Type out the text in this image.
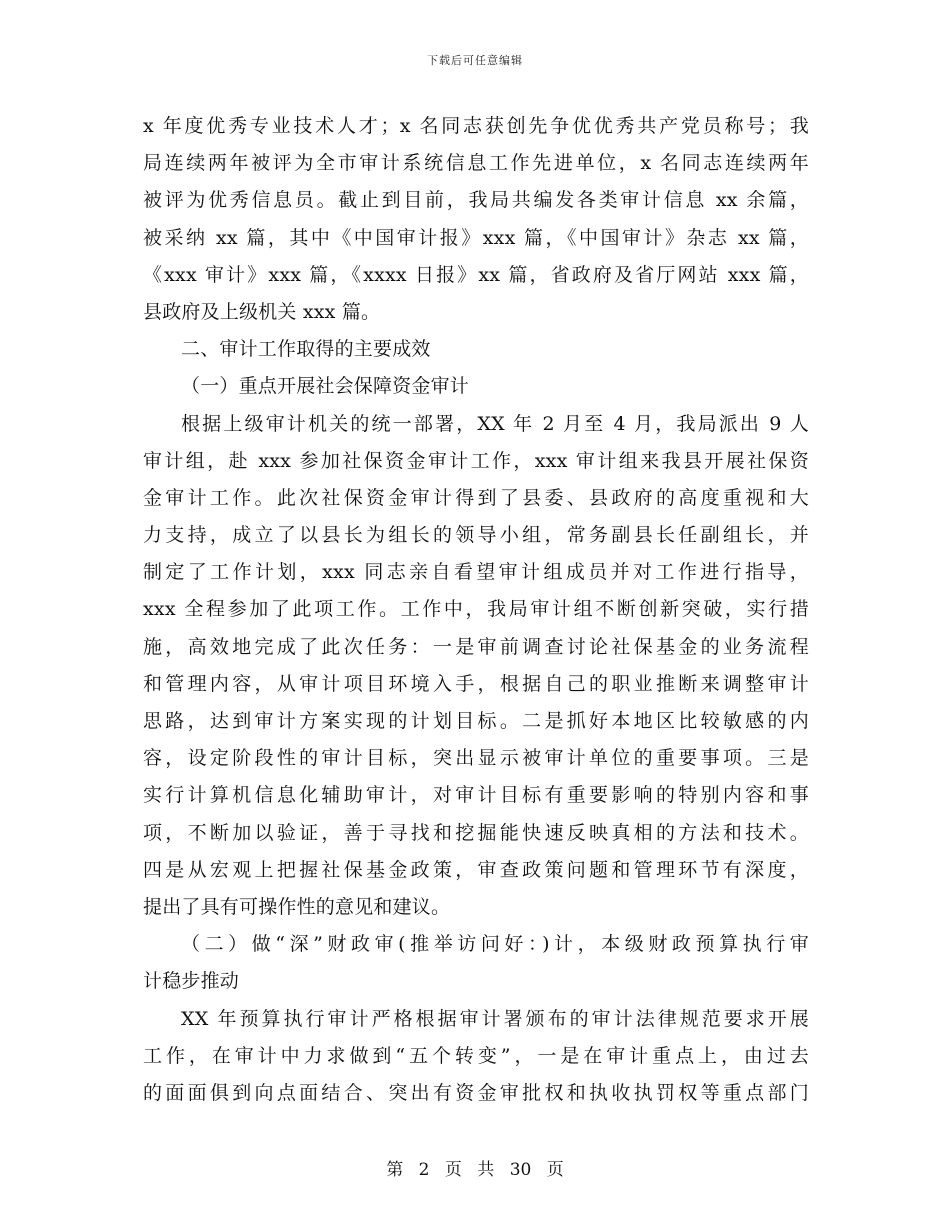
下载后可任意编辑
x 年度优秀专业技术人才；x 名同志获创先争优优秀共产党员称号；我
局连续两年被评为全市审计系统信息工作先进单位，x 名同志连续两年
被评为优秀信息员。截止到目前，我局共编发各类审计信息 xx 余篇，
被采纳 xx 篇，其中《中国审计报》xxx 篇，《中国审计》杂志 xx 篇，
《xxx 审计》xxx 篇，《xxxx 日报》xx 篇，省政府及省厅网站 xxx 篇，
县政府及上级机关 xxx 篇。
二、审计工作取得的主要成效
（一）重点开展社会保障资金审计
根据上级审计机关的统一部署，XX 年 2 月至 4 月，我局派出 9 人
审计组，赴 xxx 参加社保资金审计工作，xxx 审计组来我县开展社保资
金审计工作。此次社保资金审计得到了县委、县政府的高度重视和大
力支持，成立了以县长为组长的领导小组，常务副县长任副组长，并
制定了工作计划，xxx 同志亲自看望审计组成员并对工作进行指导，
xxx 全程参加了此项工作。工作中，我局审计组不断创新突破，实行措
施，高效地完成了此次任务：一是审前调查讨论社保基金的业务流程
和管理内容，从审计项目环境入手，根据自己的职业推断来调整审计
思路，达到审计方案实现的计划目标。二是抓好本地区比较敏感的内
容，设定阶段性的审计目标，突出显示被审计单位的重要事项。三是
实行计算机信息化辅助审计，对审计目标有重要影响的特别内容和事
项，不断加以验证，善于寻找和挖掘能快速反映真相的方法和技术。
四是从宏观上把握社保基金政策，审查政策问题和管理环节有深度，
提出了具有可操作性的意见和建议。
（二）做“深”财政审(推举访问好：)计，本级财政预算执行审
计稳步推动
XX 年预算执行审计严格根据审计署颁布的审计法律规范要求开展
工作，在审计中力求做到“五个转变”，一是在审计重点上，由过去
的面面俱到向点面结合、突出有资金审批权和执收执罚权等重点部门
第 2 页 共 30 页
